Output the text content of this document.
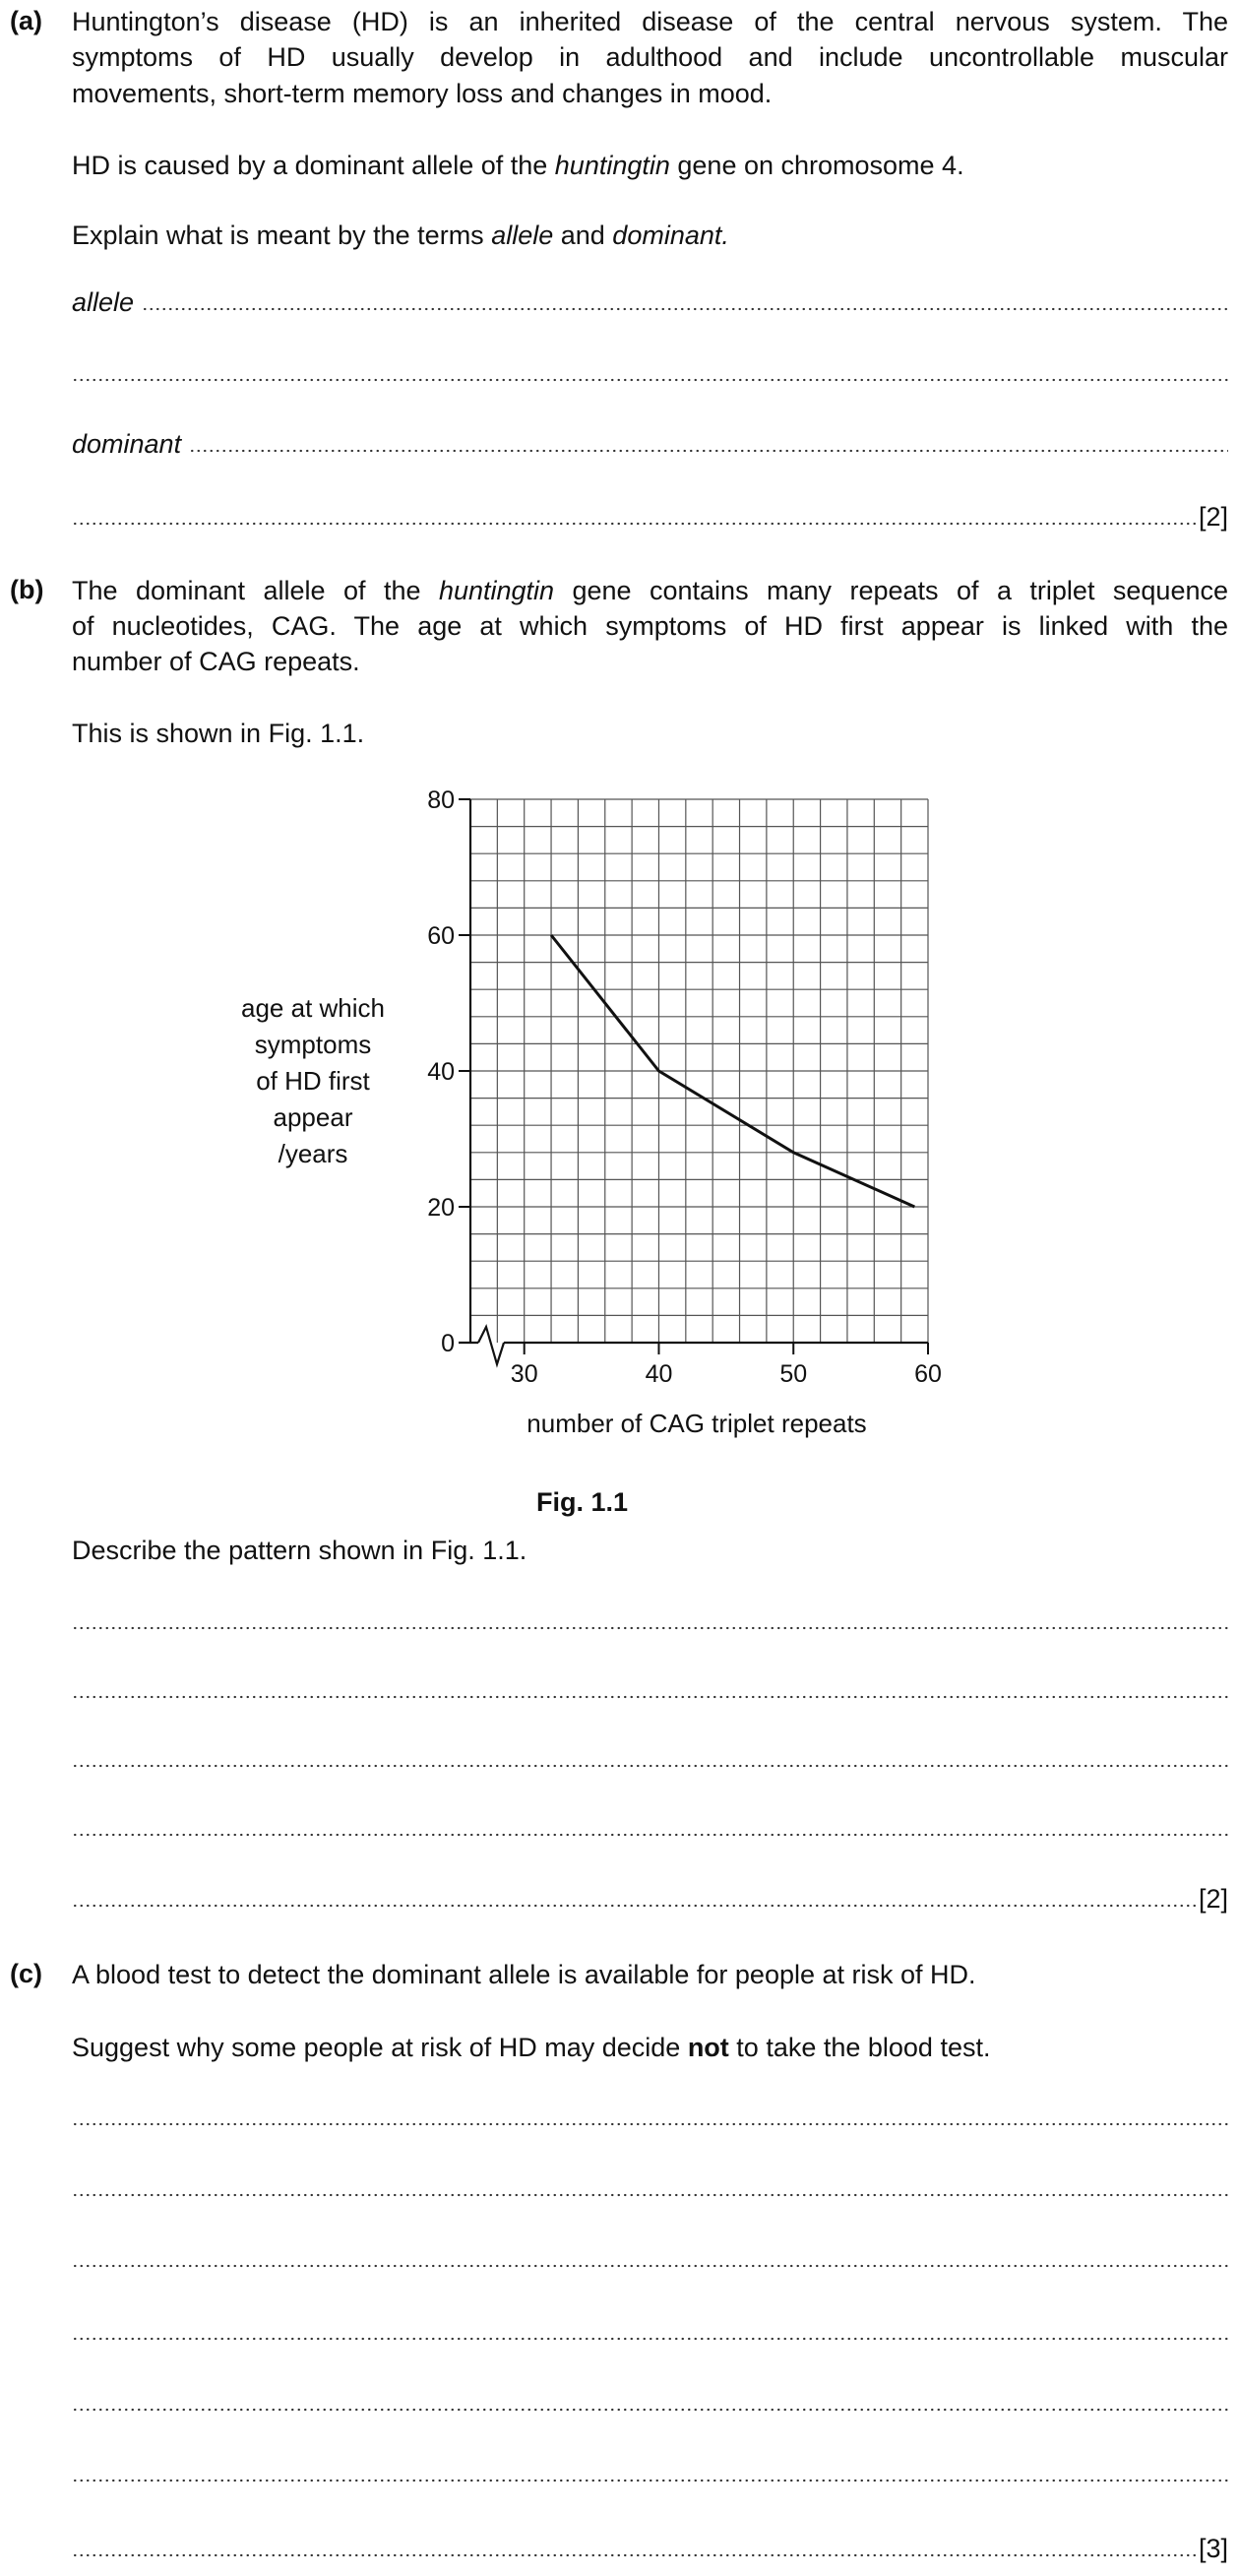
(a) Huntington’s disease (HD) is an inherited disease of the central nervous system. The
symptoms of HD usually develop in adulthood and include uncontrollable muscular
movements, short-term memory loss and changes in mood.
HD is caused by a dominant allele of the huntingtin gene on chromosome 4.
Explain what is meant by the terms allele and dominant.
allele
dominant
[2]
(b) The dominant allele of the huntingtin gene contains many repeats of a triplet sequence
of nucleotides, CAG. The age at which symptoms of HD first appear is linked with the
number of CAG repeats.
This is shown in Fig. 1.1.
0
20
40
60
80
30	40	50	60
age at which
symptoms
of HD first
appear
/years
number of CAG triplet repeats
Fig. 1.1
Describe the pattern shown in Fig. 1.1.
[2]
(c) A blood test to detect the dominant allele is available for people at risk of HD.
Suggest why some people at risk of HD may decide not to take the blood test.
[3]
